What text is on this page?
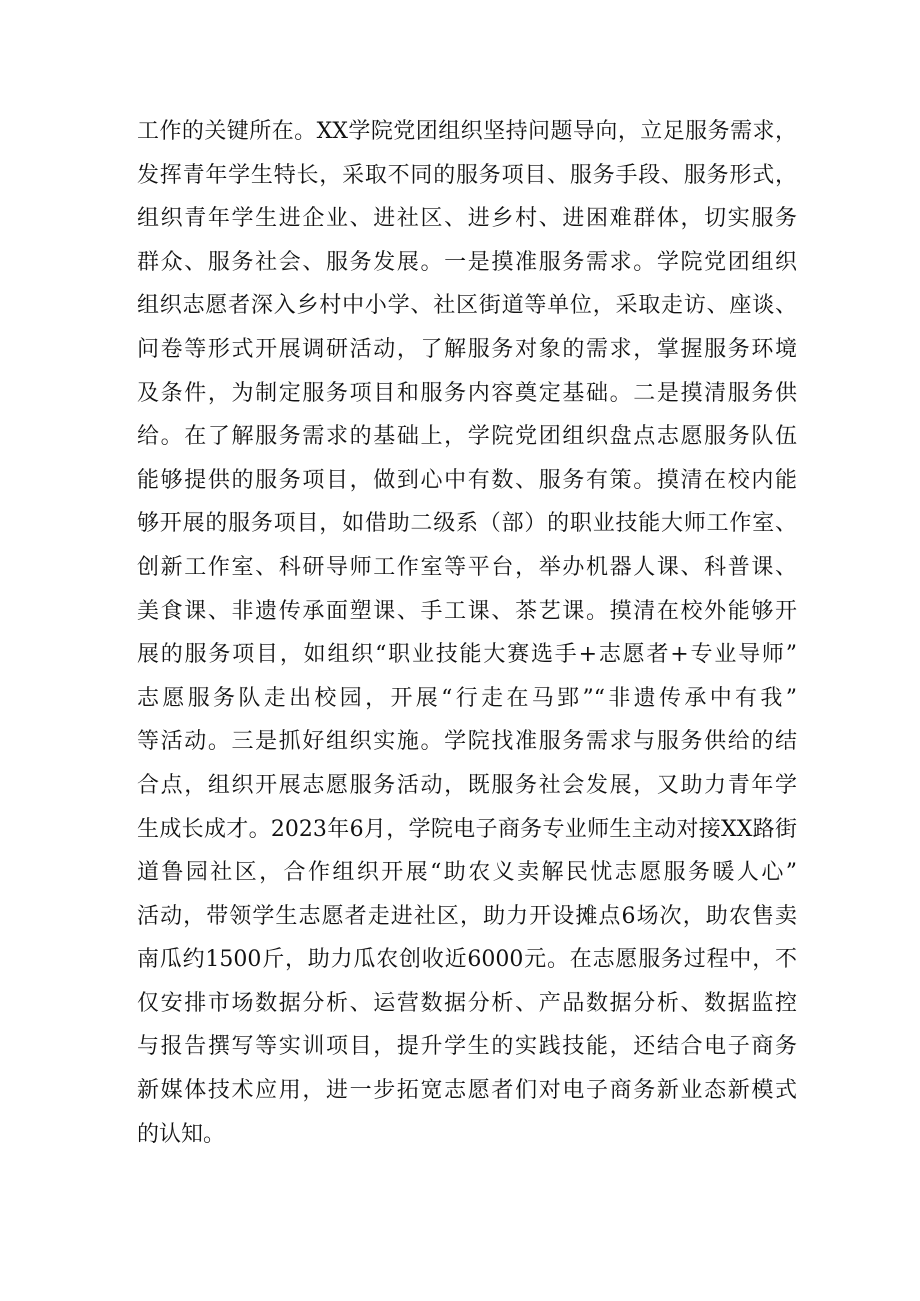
工作的关键所在。XX学院党团组织坚持问题导向，立足服务需求，
发挥青年学生特长，采取不同的服务项目、服务手段、服务形式，
组织青年学生进企业、进社区、进乡村、进困难群体，切实服务
群众、服务社会、服务发展。一是摸准服务需求。学院党团组织
组织志愿者深入乡村中小学、社区街道等单位，采取走访、座谈、
问卷等形式开展调研活动，了解服务对象的需求，掌握服务环境
及条件，为制定服务项目和服务内容奠定基础。二是摸清服务供
给。在了解服务需求的基础上，学院党团组织盘点志愿服务队伍
能够提供的服务项目，做到心中有数、服务有策。摸清在校内能
够开展的服务项目，如借助二级系（部）的职业技能大师工作室、
创新工作室、科研导师工作室等平台，举办机器人课、科普课、
美食课、非遗传承面塑课、手工课、茶艺课。摸清在校外能够开
展的服务项目，如组织“职业技能大赛选手+志愿者+专业导师”
志愿服务队走出校园，开展“行走在马郢”“非遗传承中有我”
等活动。三是抓好组织实施。学院找准服务需求与服务供给的结
合点，组织开展志愿服务活动，既服务社会发展，又助力青年学
生成长成才。2023年6月，学院电子商务专业师生主动对接XX路街
道鲁园社区，合作组织开展“助农义卖解民忧志愿服务暖人心”
活动，带领学生志愿者走进社区，助力开设摊点6场次，助农售卖
南瓜约1500斤，助力瓜农创收近6000元。在志愿服务过程中，不
仅安排市场数据分析、运营数据分析、产品数据分析、数据监控
与报告撰写等实训项目，提升学生的实践技能，还结合电子商务
新媒体技术应用，进一步拓宽志愿者们对电子商务新业态新模式
的认知。
